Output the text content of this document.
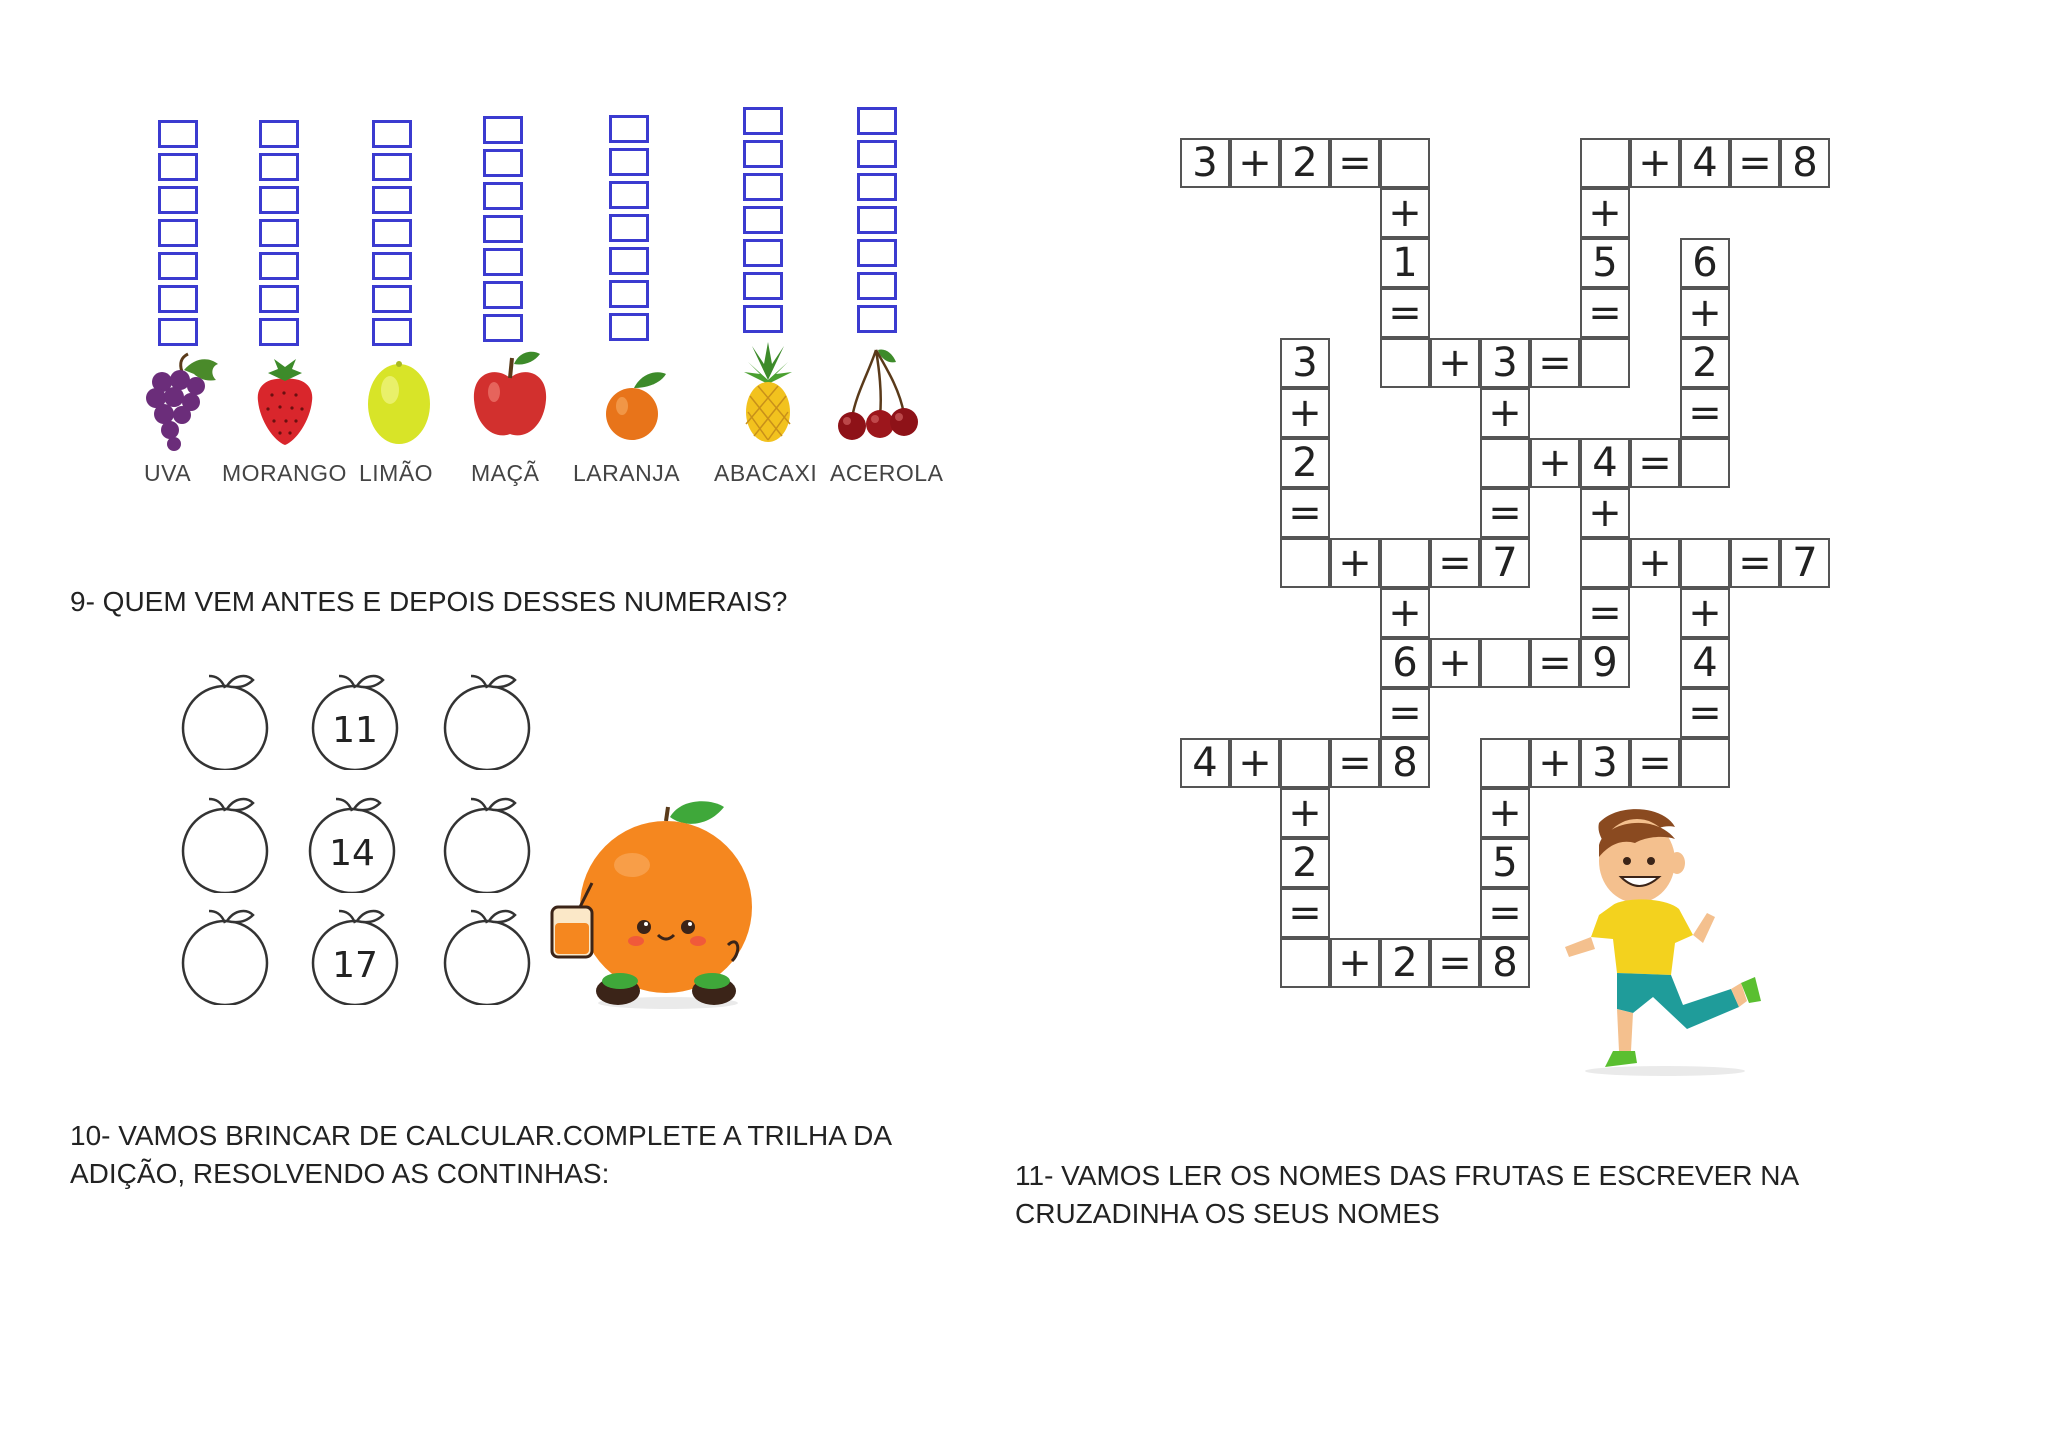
UVA MORANGO LIMÃO MAÇÃ LARANJA ABACAXI ACEROLA
9- QUEM VEM ANTES E DEPOIS DESSES NUMERAIS?
11
14
17
10- VAMOS BRINCAR DE CALCULAR.COMPLETE A TRILHA DA
ADIÇÃO, RESOLVENDO AS CONTINHAS:
3 + 2 =	+ 4 = 8
+	+
1	5	6
=	= +
3	+ 3 =	2
+	+	=
2	+ 4 =
=	= +
+ = 7	+ = 7
+	= +
6 + = 9	4
=	=
4 + = 8	+ 3 =
+	+
2	5
=	=
+ 2 = 8
11- VAMOS LER OS NOMES DAS FRUTAS E ESCREVER NA
CRUZADINHA OS SEUS NOMES
